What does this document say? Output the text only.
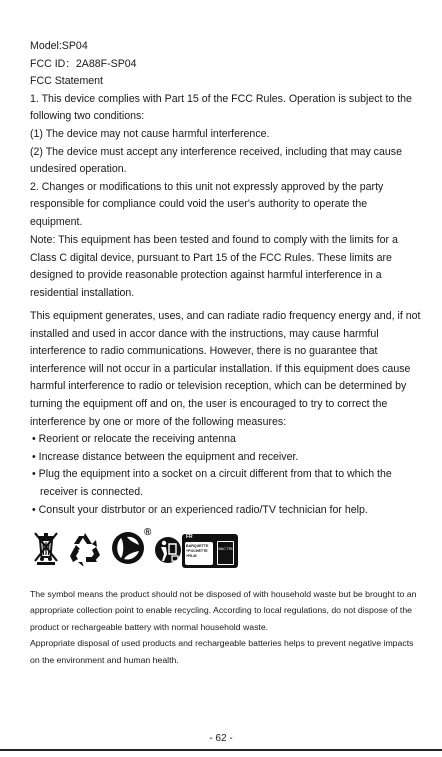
Model:SP04

FCC ID：2A88F-SP04

FCC Statement

1. This device complies with Part 15 of the FCC Rules. Operation is subject to the following two conditions:

(1) The device may not cause harmful interference.

(2) The device must accept any interference received, including that may cause undesired operation.

2. Changes or modifications to this unit not expressly approved by the party responsible for compliance could void the user's authority to operate the equipment.

Note: This equipment has been tested and found to comply with the limits for a Class C digital device, pursuant to Part 15 of the FCC Rules. These limits are designed to provide reasonable protection against harmful interference in a residential installation.

This equipment generates, uses, and can radiate radio frequency energy and, if not installed and used in accor dance with the instructions, may cause harmful interference to radio communications. However, there is no guarantee that interference will not occur in a particular installation. If this equipment does cause harmful interference to radio or television reception, which can be determined by turning the equipment off and on, the user is encouraged to try to correct the interference by one or more of the following measures:

• Reorient or relocate the receiving antenna

• Increase distance between the equipment and receiver.

• Plug the equipment into a socket on a circuit different from that to which the receiver is connected.

• Consult your distrbutor or an experienced radio/TV technician for help.

®	FR
BARQUETTE
+POCHETTE
+FILM
BAC TRI

The symbol means the product should not be disposed of with household waste but be brought to an appropriate collection point to enable recycling. According to local regulations, do not dispose of the product or rechargeable battery with normal household waste.

Appropriate disposal of used products and rechargeable batteries helps to prevent negative impacts on the environment and human health.

- 62 -
